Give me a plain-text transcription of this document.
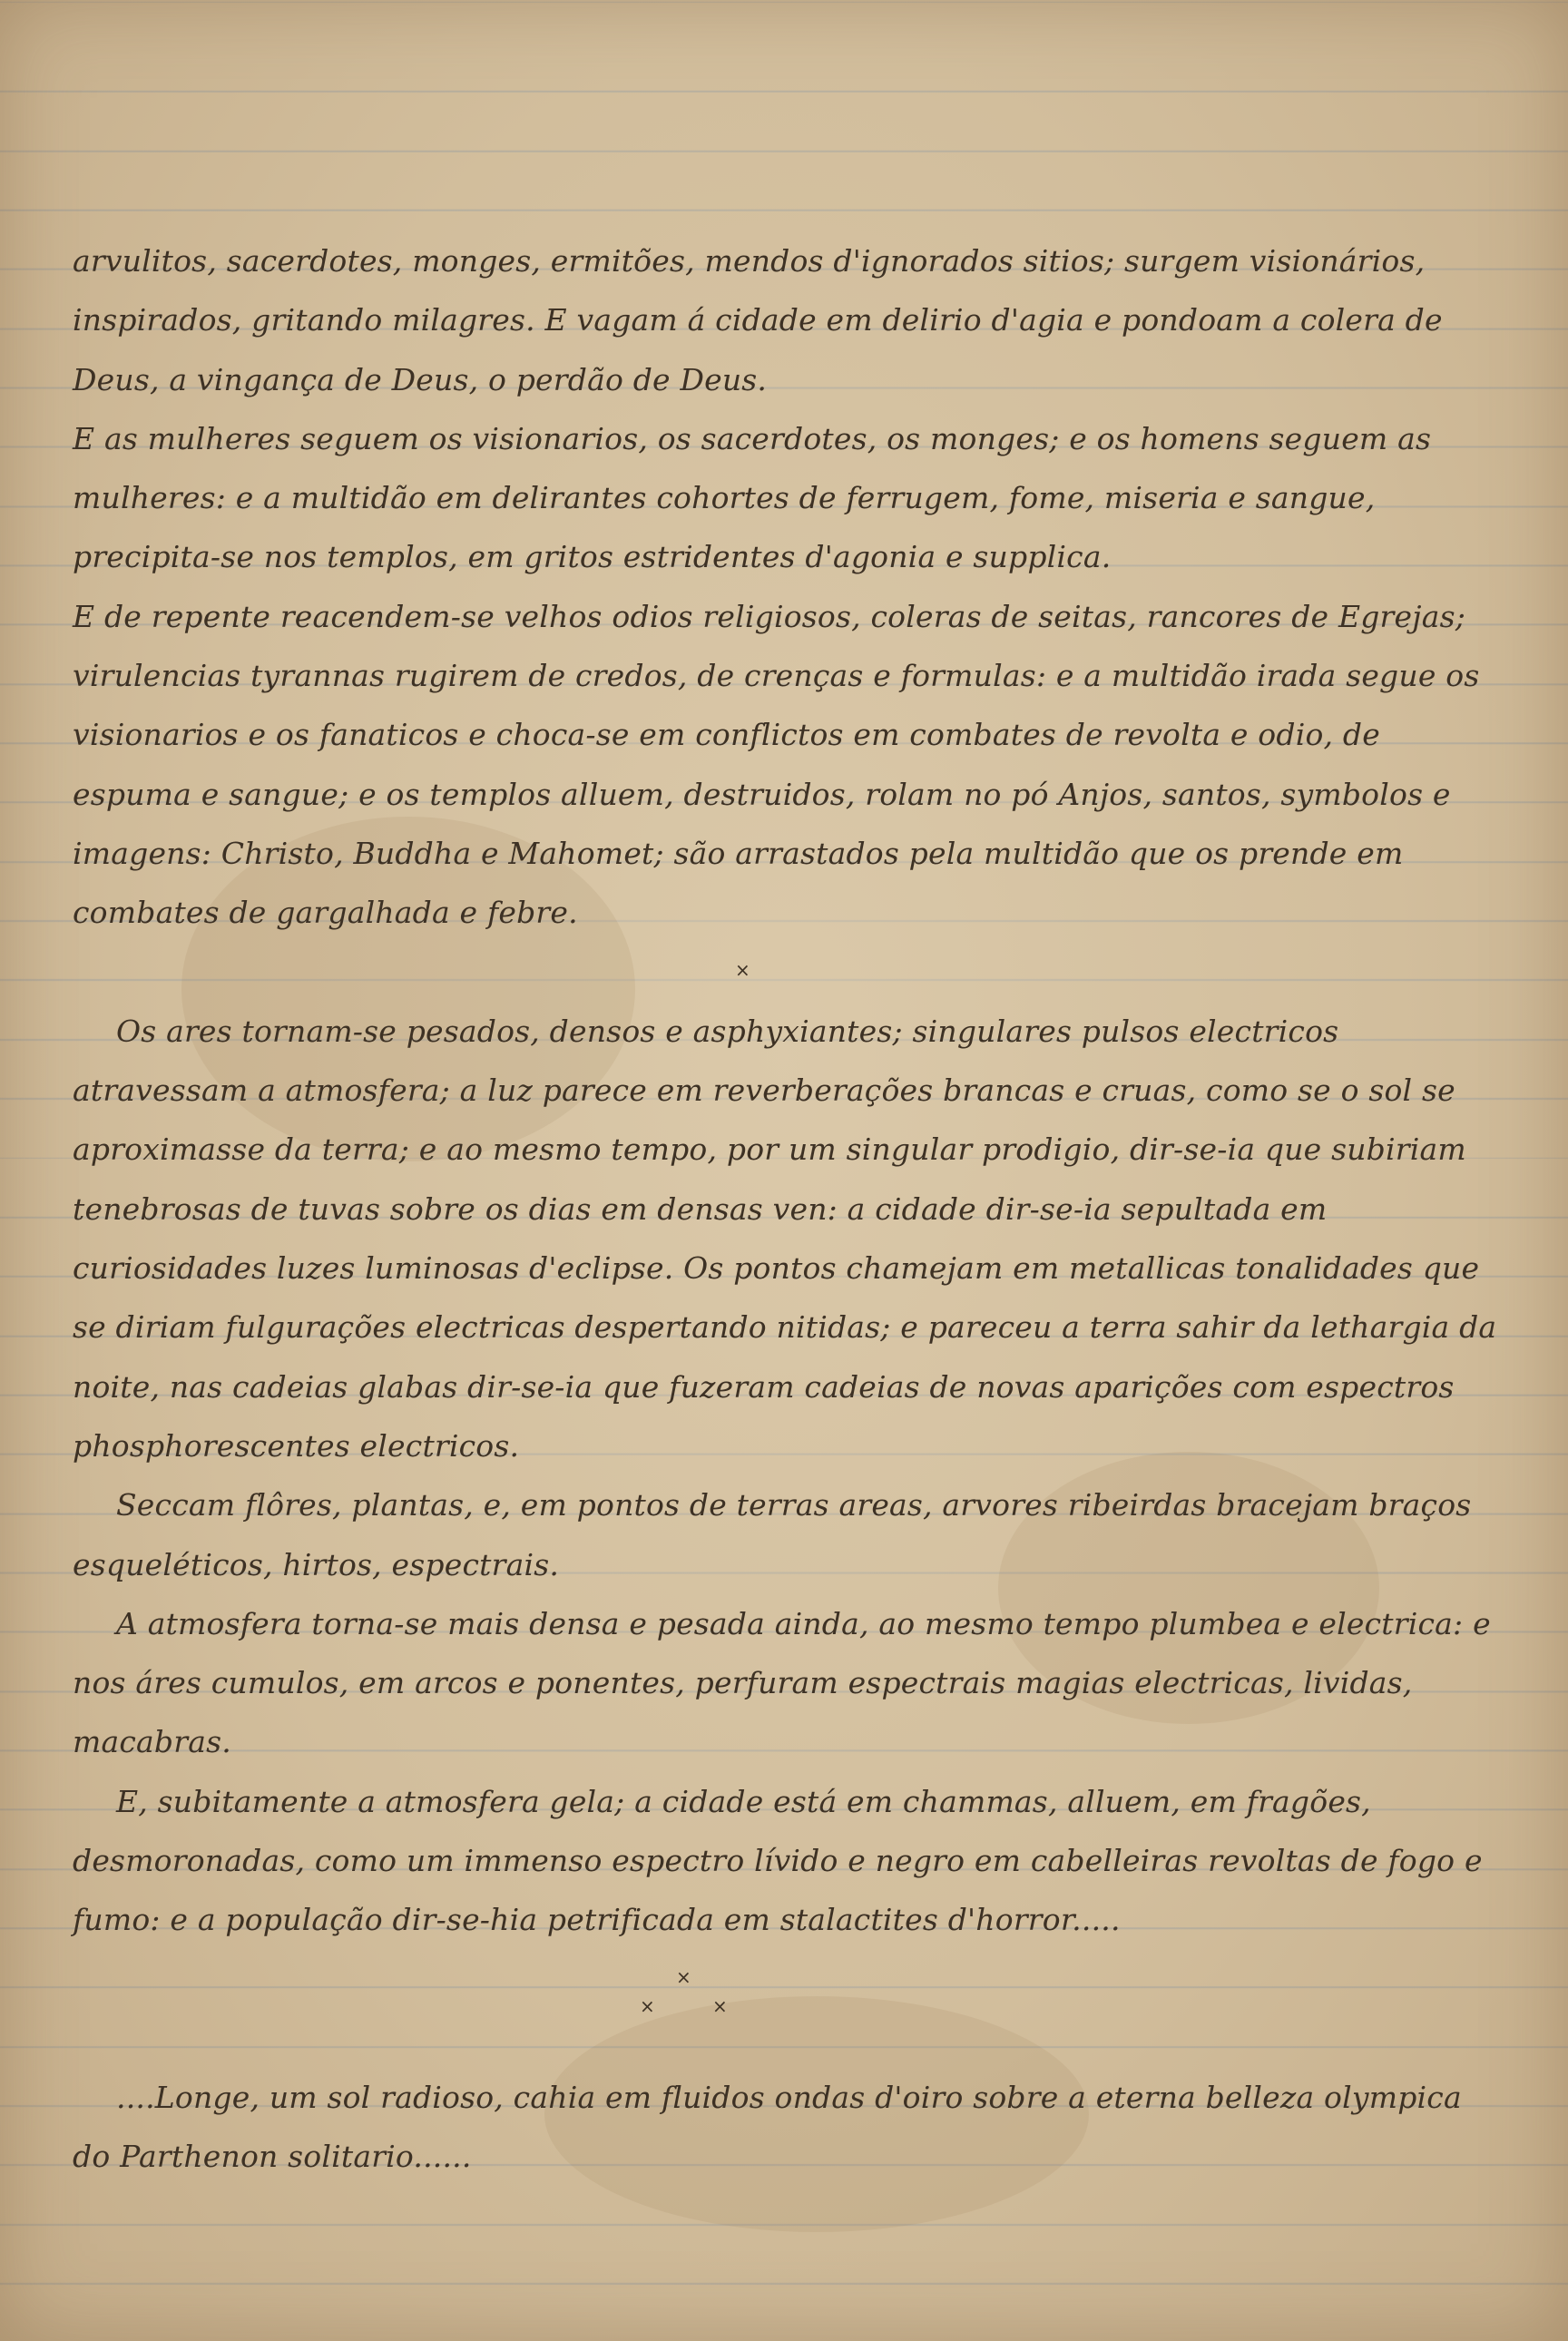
arvulitos, sacerdotes, monges, ermitões, mendos d'ignorados sitios; surgem visionários, inspirados, gritando milagres. E vagam á cidade em delirio d'agia e pondoam a colera de Deus, a vingança de Deus, o perdão de Deus.

E as mulheres seguem os visionarios, os sacerdotes, os monges; e os homens seguem as mulheres: e a multidão em delirantes cohortes de ferrugem, fome, miseria e sangue, precipita-se nos templos, em gritos estridentes d'agonia e supplica.

E de repente reacendem-se velhos odios religiosos, coleras de seitas, rancores de Egrejas; virulencias tyrannas rugirem de credos, de crenças e formulas: e a multidão irada segue os visionarios e os fanaticos e choca-se em conflictos em combates de revolta e odio, de espuma e sangue; e os templos alluem, destruidos, rolam no pó Anjos, santos, symbolos e imagens: Christo, Buddha e Mahomet; são arrastados pela multidão que os prende em combates de gargalhada e febre.

×

Os ares tornam-se pesados, densos e asphyxiantes; singulares pulsos electricos atravessam a atmosfera; a luz parece em reverberações brancas e cruas, como se o sol se aproximasse da terra; e ao mesmo tempo, por um singular prodigio, dir-se-ia que subiriam tenebrosas de tuvas sobre os dias em densas ven: a cidade dir-se-ia sepultada em curiosidades luzes luminosas d'eclipse. Os pontos chamejam em metallicas tonalidades que se diriam fulgurações electricas despertando nitidas; e pareceu a terra sahir da lethargia da noite, nas cadeias glabas dir-se-ia que fuzeram cadeias de novas aparições com espectros phosphorescentes electricos.

Seccam flôres, plantas, e, em pontos de terras areas, arvores ribeirdas bracejam braços esqueléticos, hirtos, espectrais.

A atmosfera torna-se mais densa e pesada ainda, ao mesmo tempo plumbea e electrica: e nos áres cumulos, em arcos e ponentes, perfuram espectrais magias electricas, lividas, macabras.

E, subitamente a atmosfera gela; a cidade está em chammas, alluem, em fragões, desmoronadas, como um immenso espectro lívido e negro em cabelleiras revoltas de fogo e fumo: e a população dir-se-hia petrificada em stalactites d'horror.....

×
×	×

....Longe, um sol radioso, cahia em fluidos ondas d'oiro sobre a eterna belleza olympica do Parthenon solitario......
